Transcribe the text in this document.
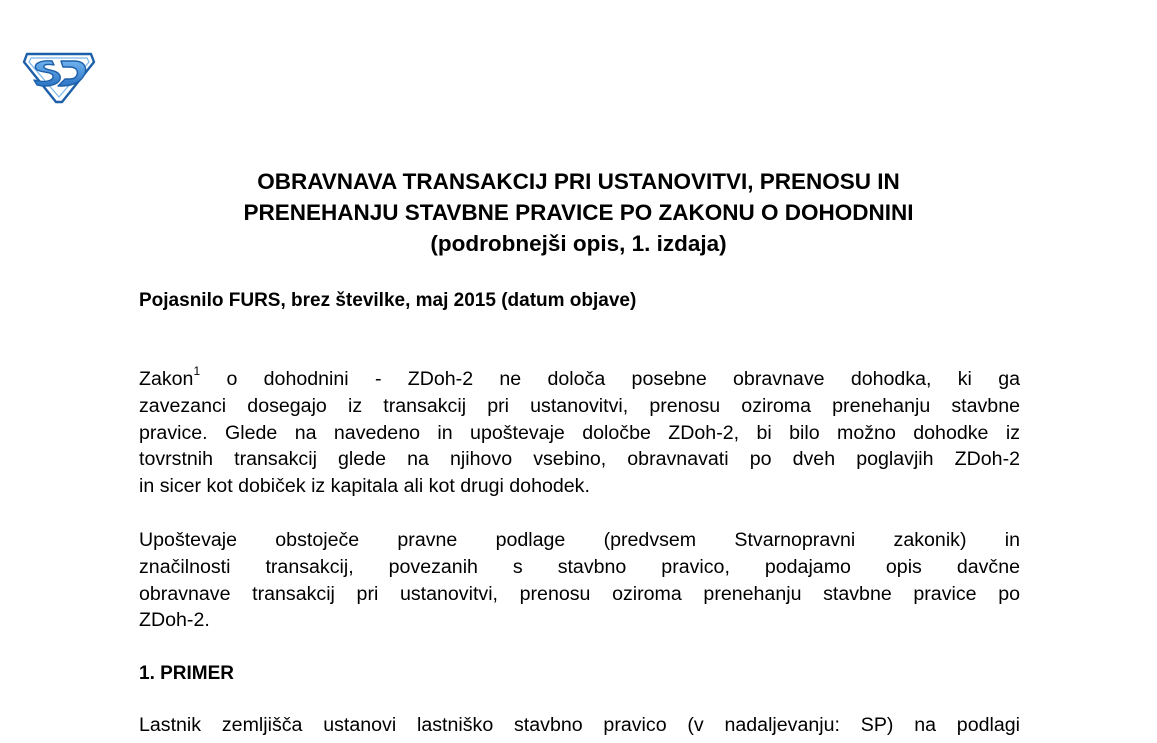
OBRAVNAVA TRANSAKCIJ PRI USTANOVITVI, PRENOSU IN
PRENEHANJU STAVBNE PRAVICE PO ZAKONU O DOHODNINI
(podrobnejši opis, 1. izdaja)
Pojasnilo FURS, brez številke, maj 2015 (datum objave)
Zakon$^1$ o dohodnini - ZDoh-2 ne določa posebne obravnave dohodka, ki ga
zavezanci dosegajo iz transakcij pri ustanovitvi, prenosu oziroma prenehanju stavbne
pravice. Glede na navedeno in upoštevaje določbe ZDoh-2, bi bilo možno dohodke iz
tovrstnih transakcij glede na njihovo vsebino, obravnavati po dveh poglavjih ZDoh-2
in sicer kot dobiček iz kapitala ali kot drugi dohodek.
Upoštevaje obstoječe pravne podlage (predvsem Stvarnopravni zakonik) in
značilnosti transakcij, povezanih s stavbno pravico, podajamo opis davčne
obravnave transakcij pri ustanovitvi, prenosu oziroma prenehanju stavbne pravice po
ZDoh-2.
1. PRIMER
Lastnik zemljišča ustanovi lastniško stavbno pravico (v nadaljevanju: SP) na podlagi
